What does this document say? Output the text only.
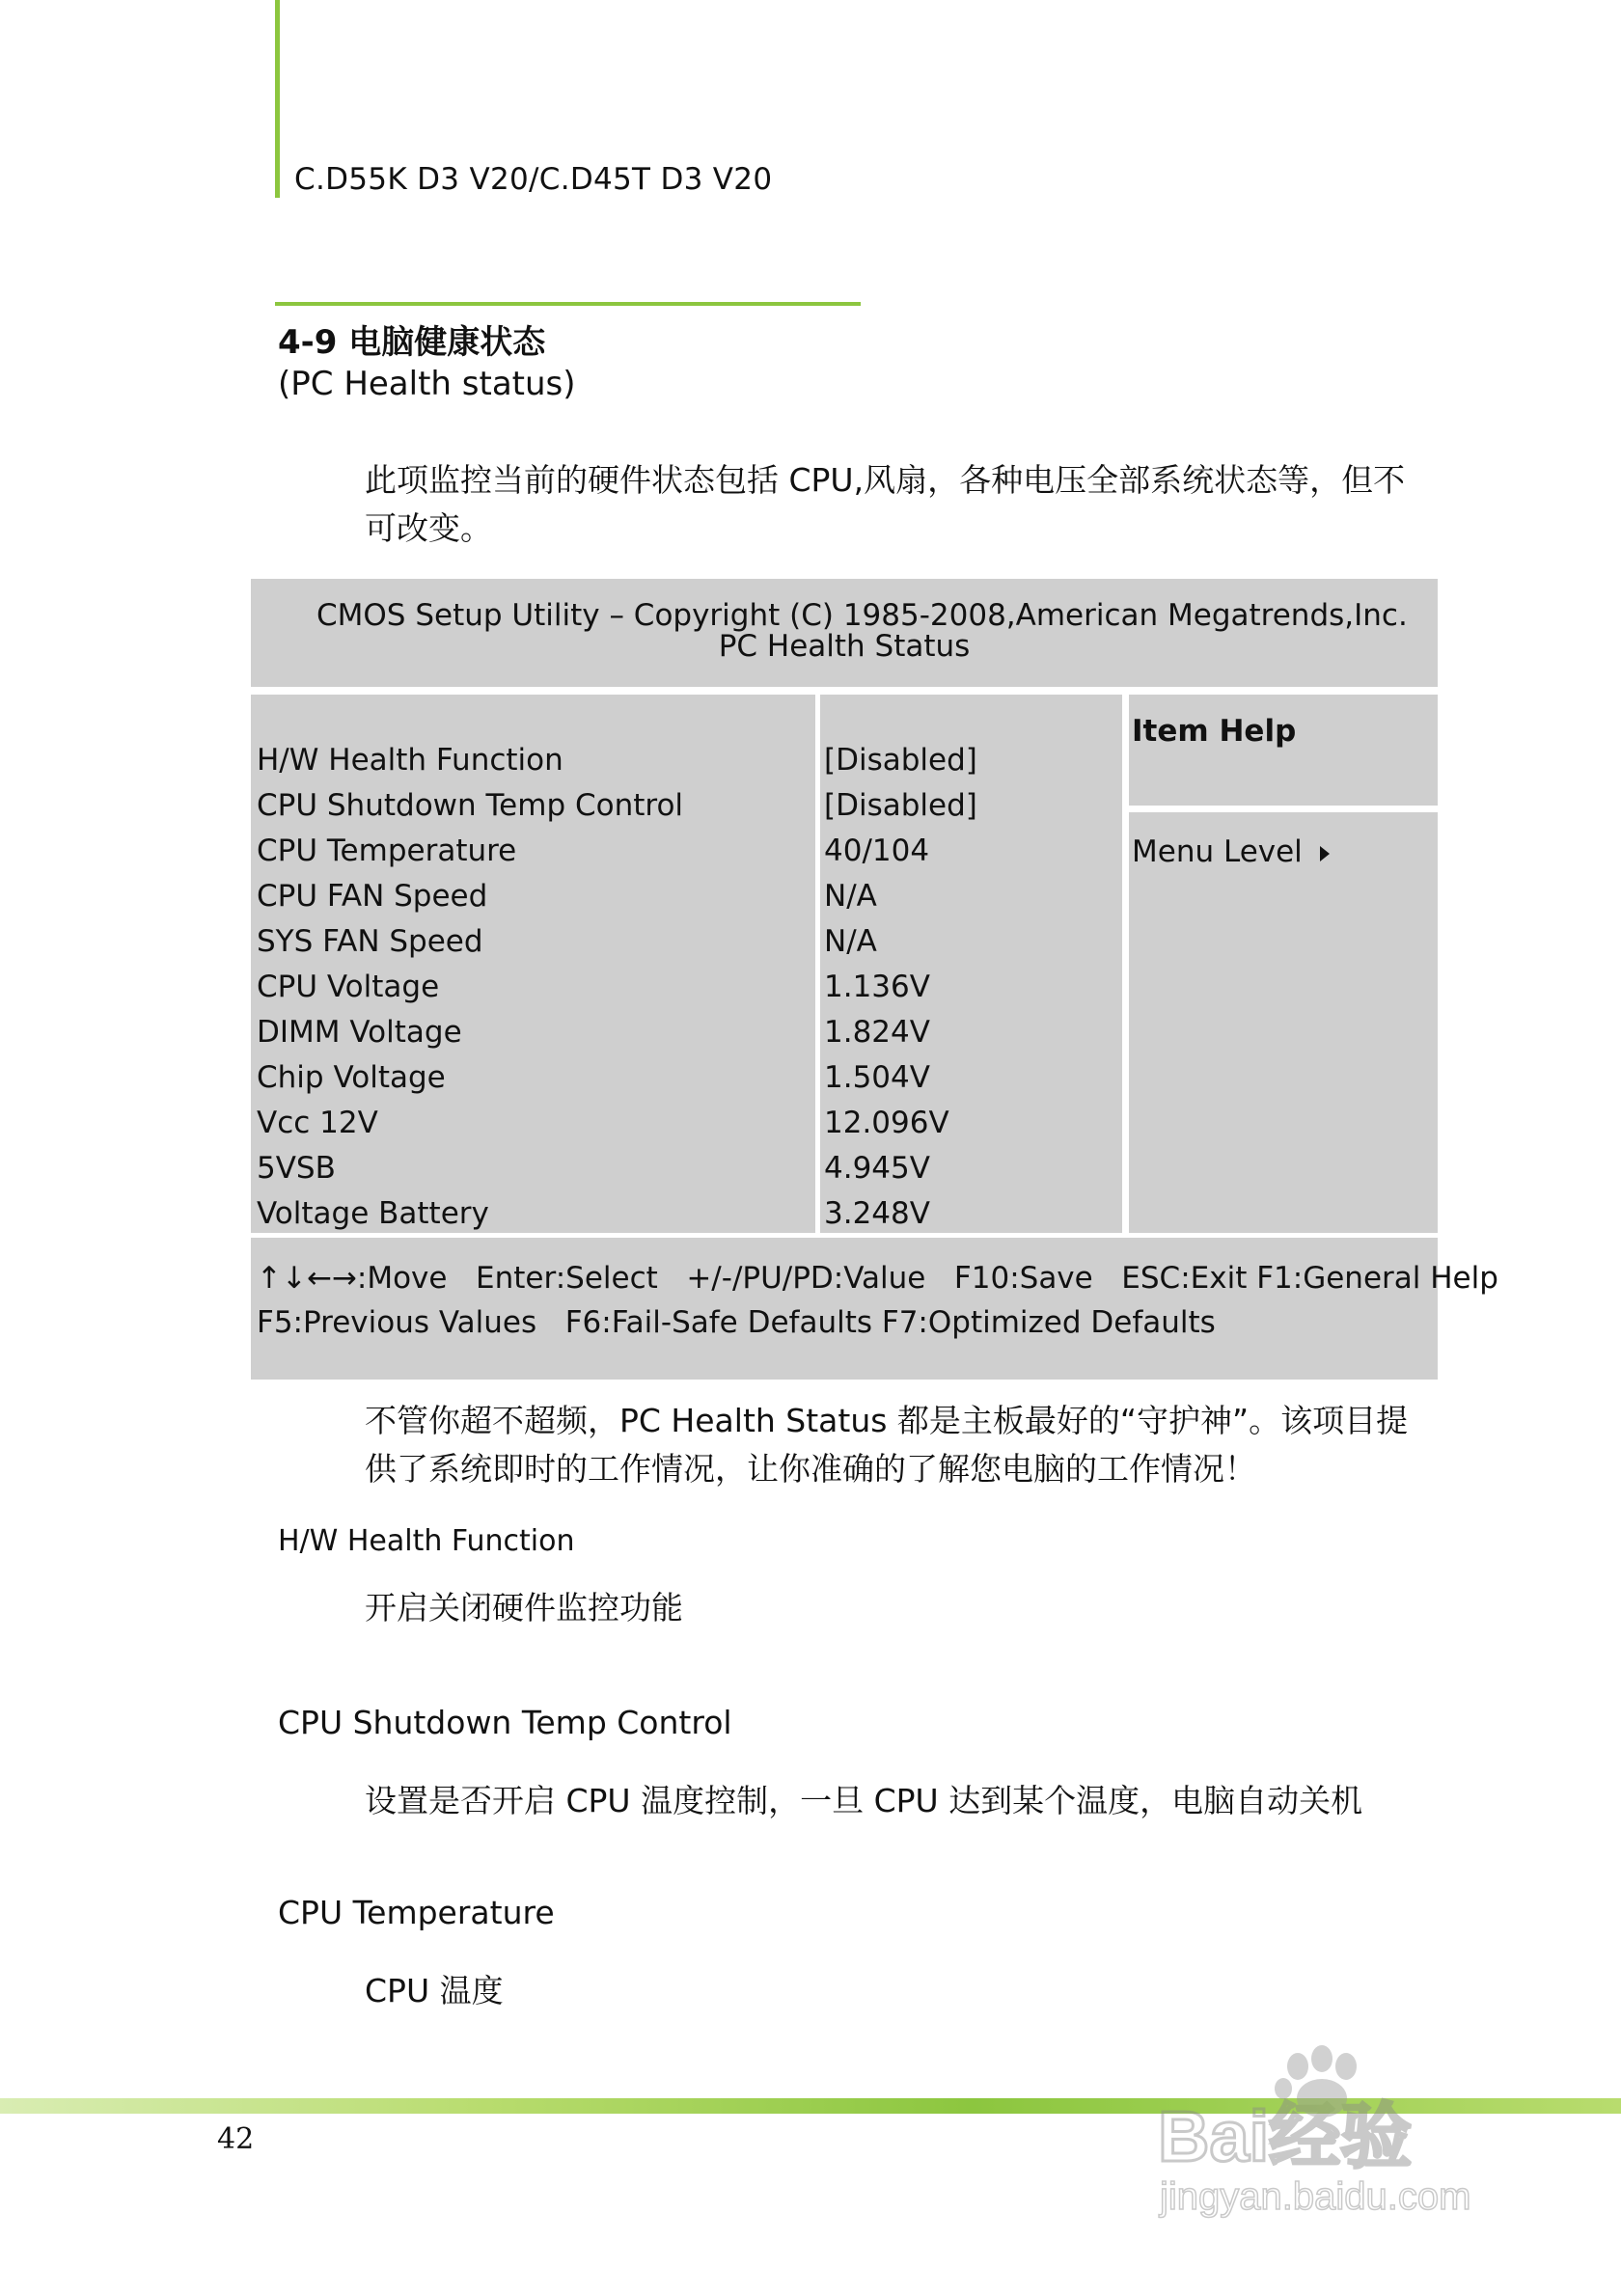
C.D55K D3 V20/C.D45T D3 V20
4-9 电脑健康状态
(PC Health status)
此项监控当前的硬件状态包括 CPU,风扇，各种电压全部系统状态等，但不可改变。
CMOS Setup Utility – Copyright (C) 1985-2008,American Megatrends,Inc.
PC Health Status
H/W Health Function
CPU Shutdown Temp Control
CPU Temperature
CPU FAN Speed
SYS FAN Speed
CPU Voltage
DIMM Voltage
Chip Voltage
Vcc 12V
5VSB
Voltage Battery
[Disabled]
[Disabled]
40/104
N/A
N/A
1.136V
1.824V
1.504V
12.096V
4.945V
3.248V
Item Help
Menu Level
↑↓←→:Move   Enter:Select   +/-/PU/PD:Value   F10:Save   ESC:Exit F1:General Help
F5:Previous Values   F6:Fail-Safe Defaults F7:Optimized Defaults
不管你超不超频，PC Health Status 都是主板最好的“守护神”。该项目提供了系统即时的工作情况，让你准确的了解您电脑的工作情况！
H/W Health Function
开启关闭硬件监控功能
CPU Shutdown Temp Control
设置是否开启 CPU 温度控制，一旦 CPU 达到某个温度，电脑自动关机
CPU Temperature
CPU 温度
42	Bai经验
jingyan.baidu.com
